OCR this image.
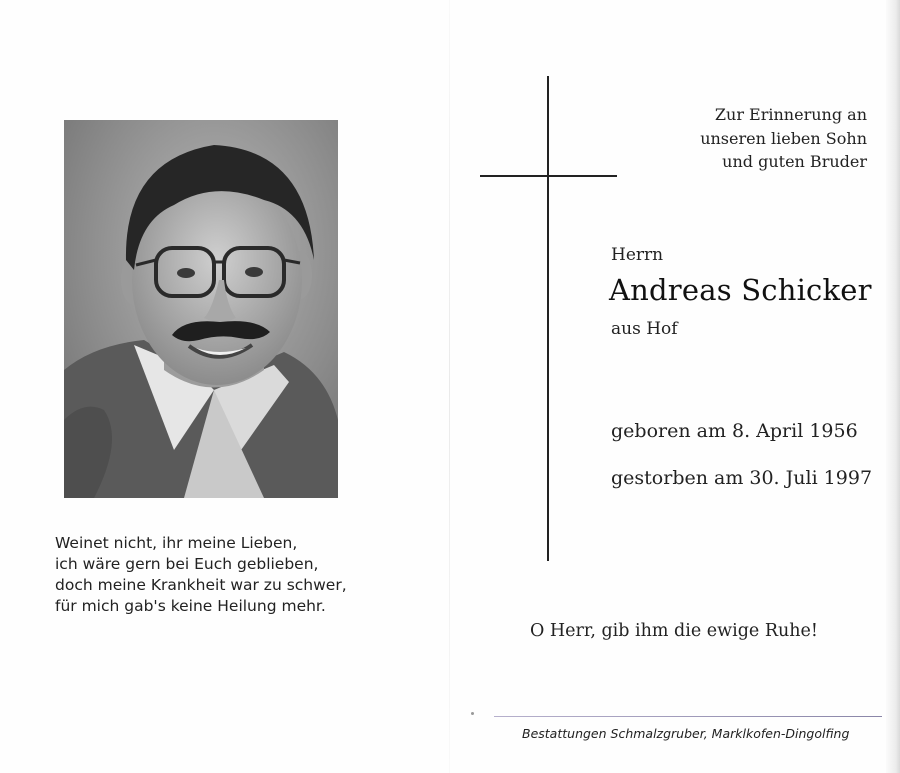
Weinet nicht, ihr meine Lieben,
ich wäre gern bei Euch geblieben,
doch meine Krankheit war zu schwer,
für mich gab's keine Heilung mehr.
Zur Erinnerung an
unseren lieben Sohn
und guten Bruder
Herrn
Andreas Schicker
aus Hof
geboren am 8. April 1956
gestorben am 30. Juli 1997
O Herr, gib ihm die ewige Ruhe!
Bestattungen Schmalzgruber, Marklkofen-Dingolfing
